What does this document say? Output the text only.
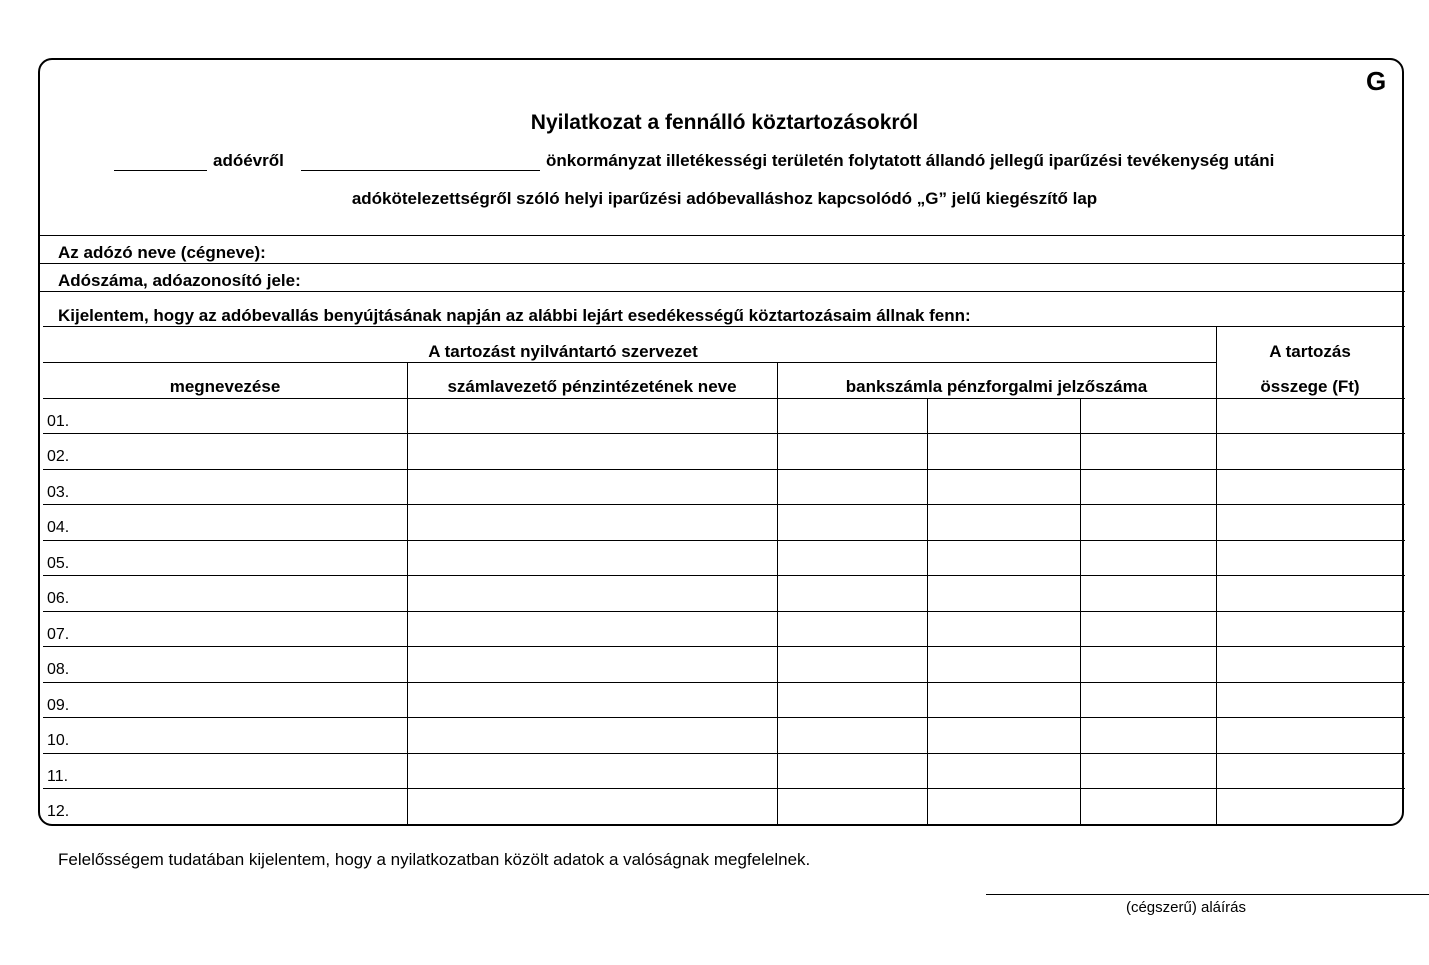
G
Nyilatkozat a fennálló köztartozásokról
adóévről	önkormányzat illetékességi területén folytatott állandó jellegű iparűzési tevékenység utáni
adókötelezettségről szóló helyi iparűzési adóbevalláshoz kapcsolódó „G” jelű kiegészítő lap
Az adózó neve (cégneve):
Adószáma, adóazonosító jele:
Kijelentem, hogy az adóbevallás benyújtásának napján az alábbi lejárt esedékességű köztartozásaim állnak fenn:
A tartozást nyilvántartó szervezet
megnevezése	számlavezető pénzintézetének neve	bankszámla pénzforgalmi jelzőszáma
A tartozás
összege (Ft)
01.
02.
03.
04.
05.
06.
07.
08.
09.
10.
11.
12.
Felelősségem tudatában kijelentem, hogy a nyilatkozatban közölt adatok a valóságnak megfelelnek.
(cégszerű) aláírás
